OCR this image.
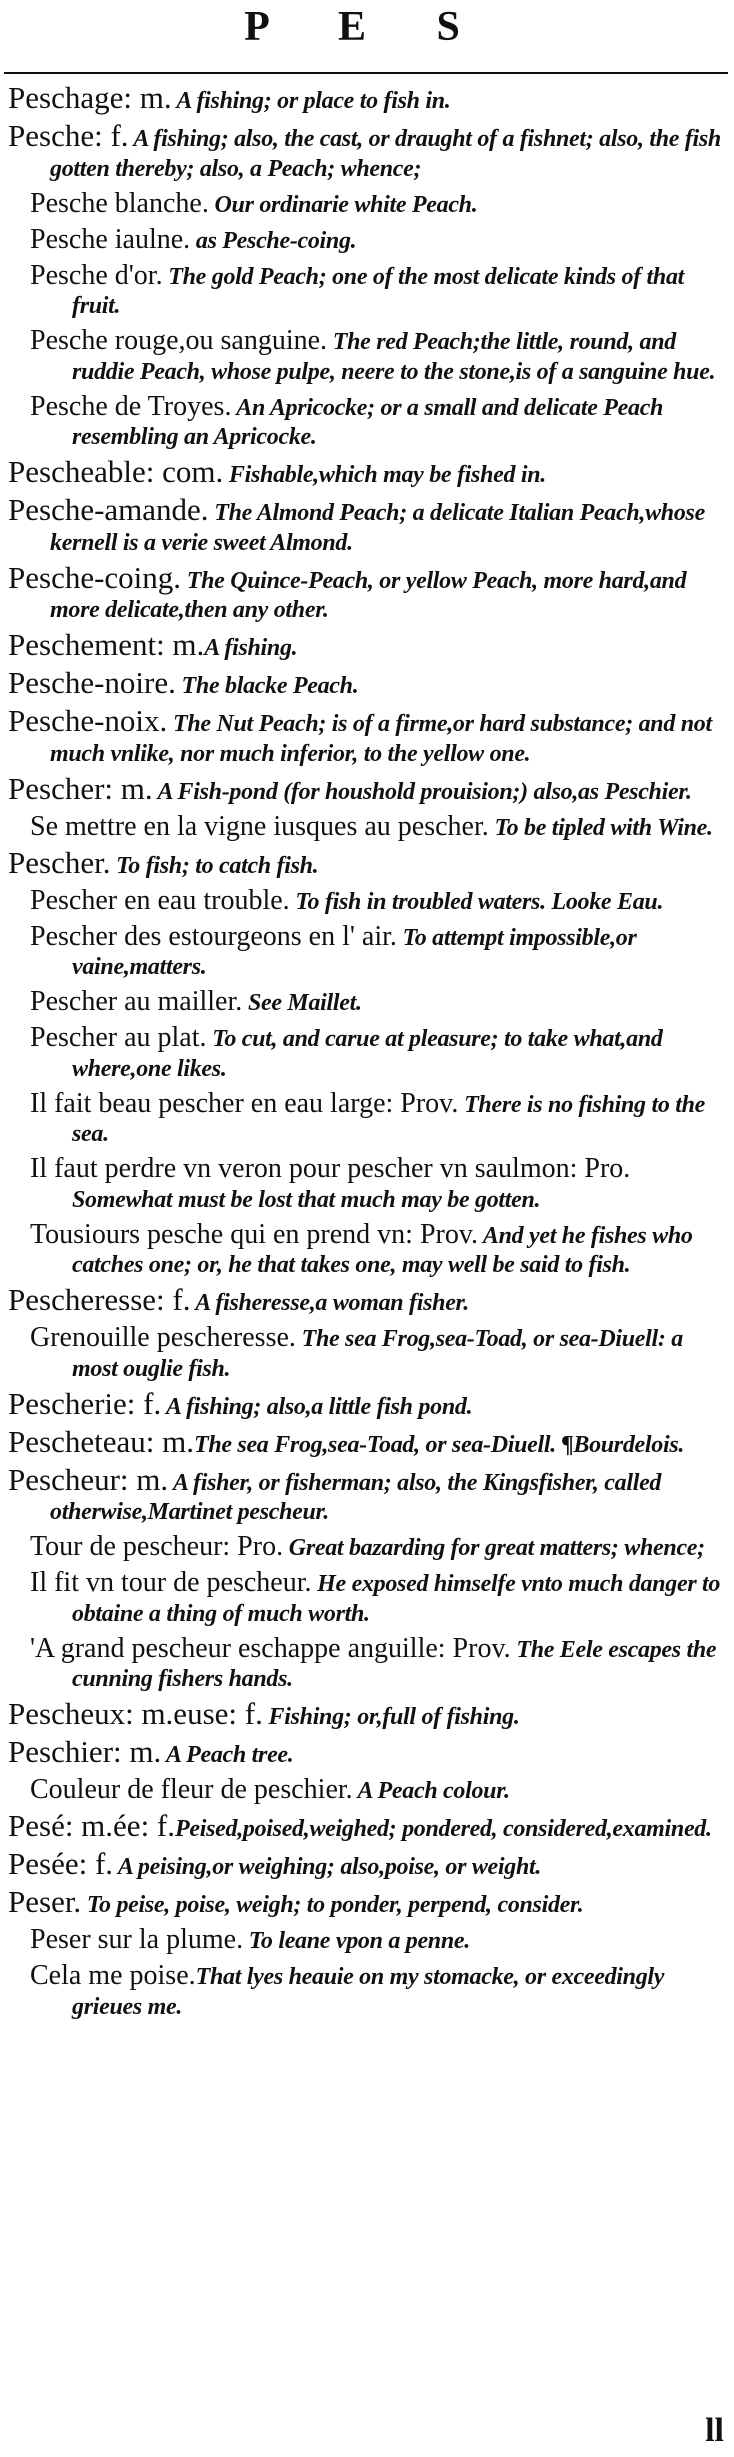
P E S

Peschage: m. A fishing; or place to fish in.

Pesche: f. A fishing; also, the cast, or draught of a fishnet; also, the fish gotten thereby; also, a Peach; whence;

Pesche blanche. Our ordinarie white Peach.

Pesche iaulne. as Pesche-coing.

Pesche d'or. The gold Peach; one of the most delicate kinds of that fruit.

Pesche rouge,ou sanguine. The red Peach;the little, round, and ruddie Peach, whose pulpe, neere to the stone,is of a sanguine hue.

Pesche de Troyes. An Apricocke; or a small and delicate Peach resembling an Apricocke.

Pescheable: com. Fishable,which may be fished in.

Pesche-amande. The Almond Peach; a delicate Italian Peach,whose kernell is a verie sweet Almond.

Pesche-coing. The Quince-Peach, or yellow Peach, more hard,and more delicate,then any other.

Peschement: m.A fishing.

Pesche-noire. The blacke Peach.

Pesche-noix. The Nut Peach; is of a firme,or hard substance; and not much vnlike, nor much inferior, to the yellow one.

Pescher: m. A Fish-pond (for houshold prouision;) also,as Peschier.

Se mettre en la vigne iusques au pescher. To be tipled with Wine.

Pescher. To fish; to catch fish.

Pescher en eau trouble. To fish in troubled waters. Looke Eau.

Pescher des estourgeons en l' air. To attempt impossible,or vaine,matters.

Pescher au mailler. See Maillet.

Pescher au plat. To cut, and carue at pleasure; to take what,and where,one likes.

Il fait beau pescher en eau large: Prov. There is no fishing to the sea.

Il faut perdre vn veron pour pescher vn saulmon: Pro. Somewhat must be lost that much may be gotten.

Tousiours pesche qui en prend vn: Prov. And yet he fishes who catches one; or, he that takes one, may well be said to fish.

Pescheresse: f. A fisheresse,a woman fisher.

Grenouille pescheresse. The sea Frog,sea-Toad, or sea-Diuell: a most ouglie fish.

Pescherie: f. A fishing; also,a little fish pond.

Pescheteau: m.The sea Frog,sea-Toad, or sea-Diuell. ¶Bourdelois.

Pescheur: m. A fisher, or fisherman; also, the Kingsfisher, called otherwise,Martinet pescheur.

Tour de pescheur: Pro. Great bazarding for great matters; whence;

Il fit vn tour de pescheur. He exposed himselfe vnto much danger to obtaine a thing of much worth.

'A grand pescheur eschappe anguille: Prov. The Eele escapes the cunning fishers hands.

Pescheux: m.euse: f. Fishing; or,full of fishing.

Peschier: m. A Peach tree.

Couleur de fleur de peschier. A Peach colour.

Pesé: m.ée: f.Peised,poised,weighed; pondered, considered,examined.

Pesée: f. A peising,or weighing; also,poise, or weight.

Peser. To peise, poise, weigh; to ponder, perpend, consider.

Peser sur la plume. To leane vpon a penne.

Cela me poise.That lyes heauie on my stomacke, or exceedingly grieues me.

ll
